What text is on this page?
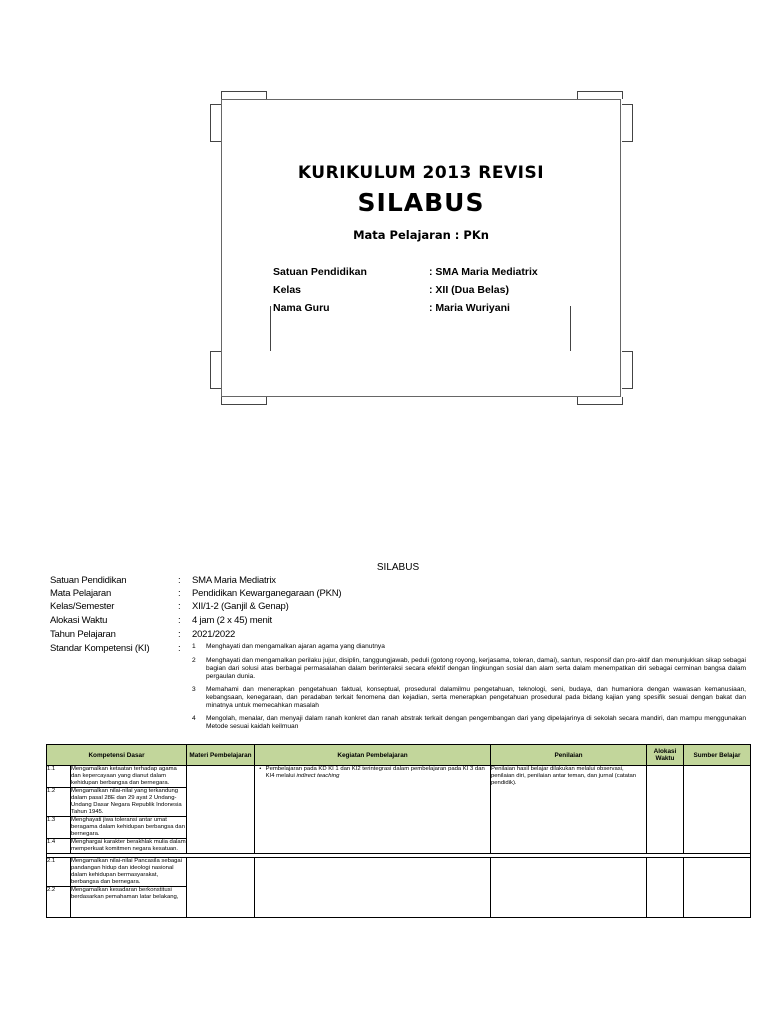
KURIKULUM 2013 REVISI
SILABUS
Mata Pelajaran : PKn
Satuan Pendidikan	: SMA Maria Mediatrix
Kelas	: XII (Dua Belas)
Nama Guru	: Maria Wuriyani
SILABUS
Satuan Pendidikan	: SMA Maria Mediatrix
Mata Pelajaran	: Pendidikan Kewarganegaraan (PKN)
Kelas/Semester	: XII/1-2 (Ganjil & Genap)
Alokasi Waktu	: 4 jam (2 x 45) menit
Tahun Pelajaran	: 2021/2022
Standar Kompetensi (KI)	: 1 Menghayati dan mengamalkan ajaran agama yang dianutnya
2 Menghayati dan mengamalkan perilaku jujur, disiplin, tanggungjawab, peduli (gotong royong, kerjasama, toleran, damai), santun, responsif dan pro-aktif dan menunjukkan sikap sebagai bagian dari solusi atas berbagai permasalahan dalam berinteraksi secara efektif dengan lingkungan sosial dan alam serta dalam menempatkan diri sebagai cerminan bangsa dalam pergaulan dunia.
3 Memahami dan menerapkan pengetahuan faktual, konseptual, prosedural dalamilmu pengetahuan, teknologi, seni, budaya, dan humaniora dengan wawasan kemanusiaan, kebangsaan, kenegaraan, dan peradaban terkait fenomena dan kejadian, serta menerapkan pengetahuan prosedural pada bidang kajian yang spesifik sesuai dengan bakat dan minatnya untuk memecahkan masalah
4 Mengolah, menalar, dan menyaji dalam ranah konkret dan ranah abstrak terkait dengan pengembangan dari yang dipelajarinya di sekolah secara mandiri, dan mampu menggunakan Metode sesuai kaidah keilmuan
Kompetensi Dasar		Materi Pembelajaran	Kegiatan Pembelajaran	Penilaian	Alokasi Waktu	Sumber Belajar
1.1	Mengamalkan ketaatan terhadap agama dan kepercayaan yang dianut dalam kehidupan berbangsa dan bernegara.		• Pembelajaran pada KD KI 1 dan KI2 terintegrasi dalam pembelajaran pada KI 3 dan KI4 melalui indirect teaching	Penilaian hasil belajar dilakukan melalui observasi, penilaian diri, penilaian antar teman, dan jurnal (catatan pendidik).		
1.2	Mengamalkan nilai-nilai yang terkandung dalam pasal 28E dan 29 ayat 2 Undang-Undang Dasar Negara Republik Indonesia Tahun 1945.					
1.3	Menghayati jiwa toleransi antar umat beragama dalam kehidupan berbangsa dan bernegara.					
1.4	Menghargai karakter berakhlak mulia dalam memperkuat komitmen negara kesatuan.					

2.1	Mengamalkan nilai-nilai Pancasila sebagai pandangan hidup dan ideologi nasional dalam kehidupan bermasyarakat, berbangsa dan bernegara.					
2.2	Mengamalkan kesadaran berkonstitusi berdasarkan pemahaman latar belakang,					
